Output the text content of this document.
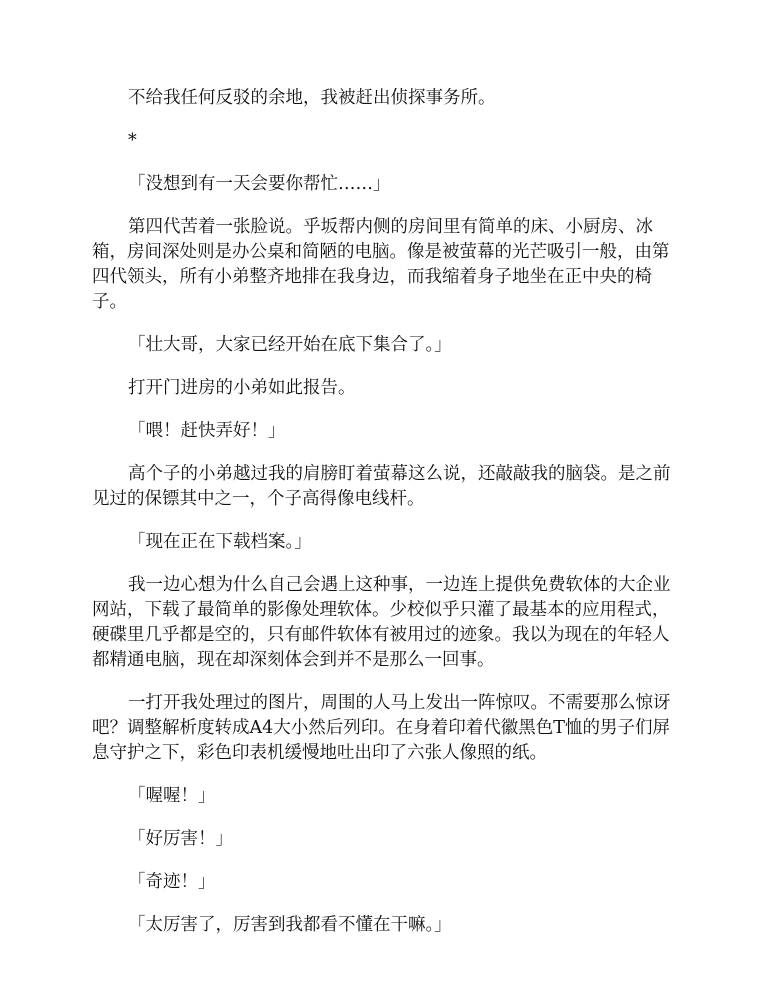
不给我任何反驳的余地，我被赶出侦探事务所。

*

「没想到有一天会要你帮忙……」

第四代苦着一张脸说。乎坂帮内侧的房间里有简单的床、小厨房、冰箱，房间深处则是办公桌和简陋的电脑。像是被萤幕的光芒吸引一般，由第四代领头，所有小弟整齐地排在我身边，而我缩着身子地坐在正中央的椅子。

「壮大哥，大家已经开始在底下集合了。」

打开门进房的小弟如此报告。

「喂！赶快弄好！」

高个子的小弟越过我的肩膀盯着萤幕这么说，还敲敲我的脑袋。是之前见过的保镖其中之一，个子高得像电线杆。

「现在正在下载档案。」

我一边心想为什么自己会遇上这种事，一边连上提供免费软体的大企业网站，下载了最简单的影像处理软体。少校似乎只灌了最基本的应用程式，硬碟里几乎都是空的，只有邮件软体有被用过的迹象。我以为现在的年轻人都精通电脑，现在却深刻体会到并不是那么一回事。

一打开我处理过的图片，周围的人马上发出一阵惊叹。不需要那么惊讶吧？调整解析度转成A4大小然后列印。在身着印着代徽黑色T恤的男子们屏息守护之下，彩色印表机缓慢地吐出印了六张人像照的纸。

「喔喔！」

「好厉害！」

「奇迹！」

「太厉害了，厉害到我都看不懂在干嘛。」
